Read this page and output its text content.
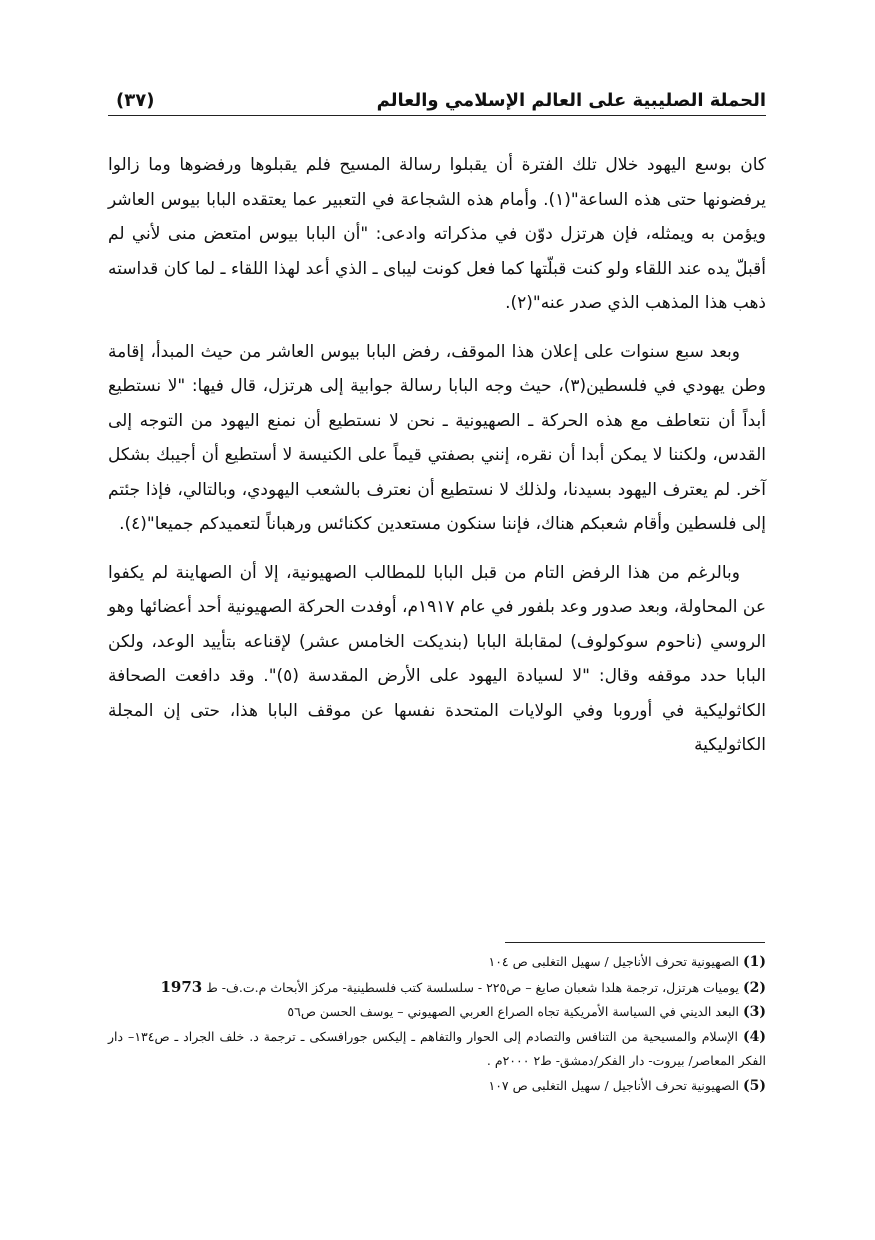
الحملة الصليبية على العالم الإسلامي والعالم
(٣٧)

كان بوسع اليهود خلال تلك الفترة أن يقبلوا رسالة المسيح فلم يقبلوها ورفضوها وما زالوا يرفضونها حتى هذه الساعة"(١). وأمام هذه الشجاعة في التعبير عما يعتقده البابا بيوس العاشر ويؤمن به ويمثله، فإن هرتزل دوّن في مذكراته وادعى: "أن البابا بيوس امتعض منى لأني لم أقبلّ يده عند اللقاء ولو كنت قبلّتها كما فعل كونت ليباى ـ الذي أعد لهذا اللقاء ـ لما كان قداسته ذهب هذا المذهب الذي صدر عنه"(٢).

وبعد سبع سنوات على إعلان هذا الموقف، رفض البابا بيوس العاشر من حيث المبدأ، إقامة وطن يهودي في فلسطين(٣)، حيث وجه البابا رسالة جوابية إلى هرتزل، قال فيها: "لا نستطيع أبداً أن نتعاطف مع هذه الحركة ـ الصهيونية ـ نحن لا نستطيع أن نمنع اليهود من التوجه إلى القدس، ولكننا لا يمكن أبدا أن نقره، إنني بصفتي قيماً على الكنيسة لا أستطيع أن أجيبك بشكل آخر. لم يعترف اليهود بسيدنا، ولذلك لا نستطيع أن نعترف بالشعب اليهودي، وبالتالي، فإذا جئتم إلى فلسطين وأقام شعبكم هناك، فإننا سنكون مستعدين ككنائس ورهباناً لتعميدكم جميعا"(٤).

وبالرغم من هذا الرفض التام من قبل البابا للمطالب الصهيونية، إلا أن الصهاينة لم يكفوا عن المحاولة، وبعد صدور وعد بلفور في عام ١٩١٧م، أوفدت الحركة الصهيونية أحد أعضائها وهو الروسي (ناحوم سوكولوف) لمقابلة البابا (بنديكت الخامس عشر) لإقناعه بتأييد الوعد، ولكن البابا حدد موقفه وقال: "لا لسيادة اليهود على الأرض المقدسة (٥)". وقد دافعت الصحافة الكاثوليكية في أوروبا وفي الولايات المتحدة نفسها عن موقف البابا هذا، حتى إن المجلة الكاثوليكية

(1) الصهيونية تحرف الأناجيل / سهيل التغلبى ص ١٠٤
(2) يوميات هرتزل، ترجمة هلدا شعبان صايغ – ص٢٢٥ - سلسلسة كتب فلسطينية- مركز الأبحاث م.ت.ف- ط 1973
(3) البعد الديني في السياسة الأمريكية تجاه الصراع العربي الصهيوني – يوسف الحسن ص٥٦
(4) الإسلام والمسيحية من التنافس والتصادم إلى الحوار والتفاهم ـ إليكس جورافسكى ـ ترجمة د. خلف الجراد ـ ص١٣٤– دار الفكر المعاصر/ بيروت- دار الفكر/دمشق- ط٢ ٢٠٠٠م .
(5) الصهيونية تحرف الأناجيل / سهيل التغلبى ص ١٠٧
